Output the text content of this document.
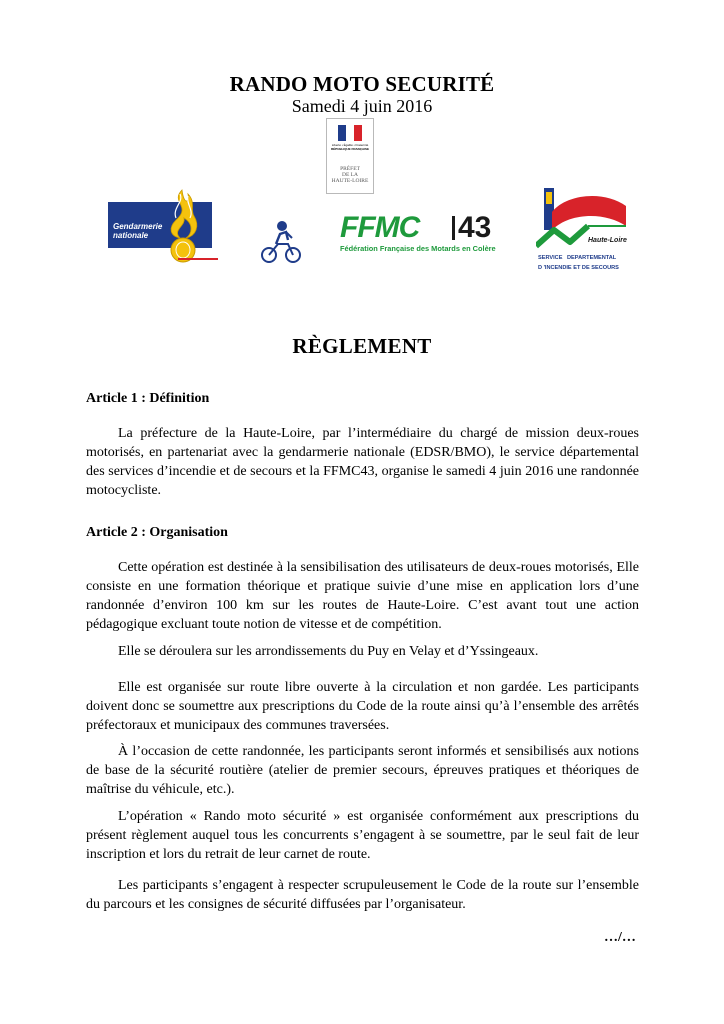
RANDO MOTO SECURITÉ
Samedi 4 juin 2016
Liberté • Égalité • Fraternité
RÉPUBLIQUE FRANÇAISE
PRÉFET
DE LA
HAUTE-LOIRE
Gendarmerie
nationale	FFMC	43
Fédération Française des Motards en Colère
Haute-Loire
SERVICE DEPARTEMENTAL
D 'INCENDIE ET DE SECOURS
RÈGLEMENT
Article 1 : Définition

La préfecture de la Haute-Loire, par l’intermédiaire du chargé de mission deux-roues motorisés, en partenariat avec la gendarmerie nationale (EDSR/BMO), le service départemental des services d’incendie et de secours et la FFMC43, organise le samedi 4 juin 2016 une randonnée motocycliste.

Article 2 : Organisation

Cette opération est destinée à la sensibilisation des utilisateurs de deux-roues motorisés, Elle consiste en une formation théorique et pratique suivie d’une mise en application lors d’une randonnée d’environ 100 km sur les routes de Haute-Loire. C’est avant tout une action pédagogique excluant toute notion de vitesse et de compétition.

Elle se déroulera sur les arrondissements du Puy en Velay et d’Yssingeaux.

Elle est organisée sur route libre ouverte à la circulation et non gardée. Les participants doivent donc se soumettre aux prescriptions du Code de la route ainsi qu’à l’ensemble des arrêtés préfectoraux et municipaux des communes traversées.

À l’occasion de cette randonnée, les participants seront informés et sensibilisés aux notions de base de la sécurité routière (atelier de premier secours, épreuves pratiques et théoriques de maîtrise du véhicule, etc.).

L’opération « Rando moto sécurité » est organisée conformément aux prescriptions du présent règlement auquel tous les concurrents s’engagent à se soumettre, par le seul fait de leur inscription et lors du retrait de leur carnet de route.

Les participants s’engagent à respecter scrupuleusement le Code de la route sur l’ensemble du parcours et les consignes de sécurité diffusées par l’organisateur.

…/…
